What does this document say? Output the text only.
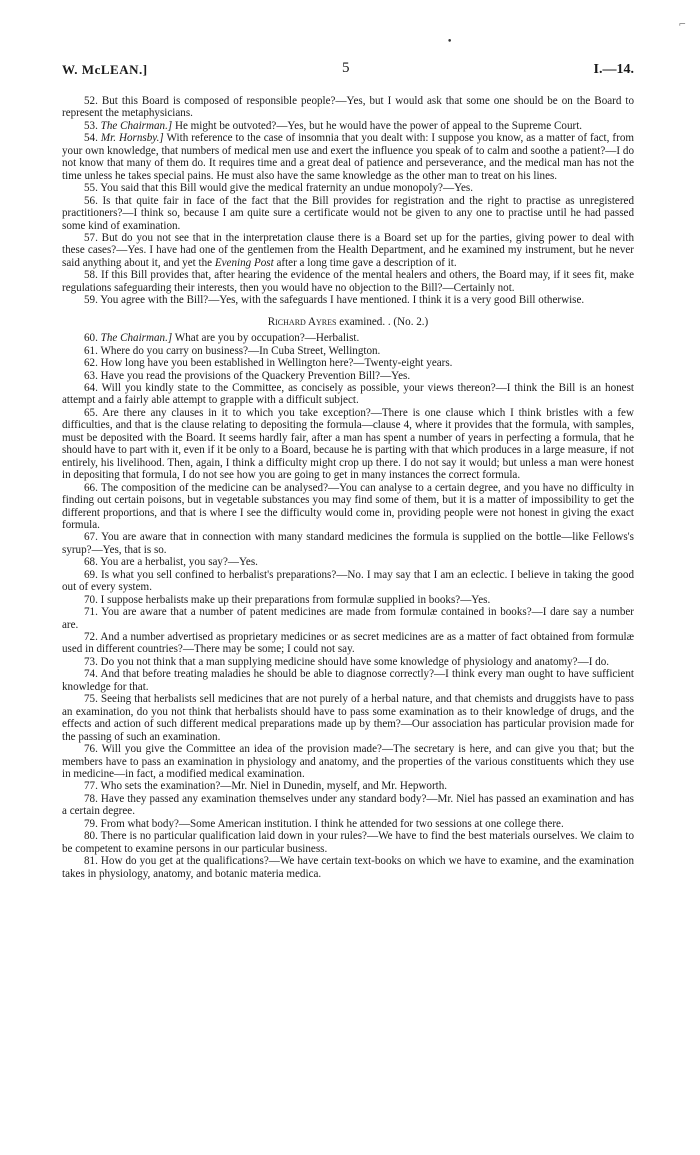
⌐
•
W. McLEAN.]	5	I.—14.

52. But this Board is composed of responsible people?—Yes, but I would ask that some one should be on the Board to represent the metaphysicians.

53. The Chairman.] He might be outvoted?—Yes, but he would have the power of appeal to the Supreme Court.

54. Mr. Hornsby.] With reference to the case of insomnia that you dealt with: I suppose you know, as a matter of fact, from your own knowledge, that numbers of medical men use and exert the influence you speak of to calm and soothe a patient?—I do not know that many of them do. It requires time and a great deal of patience and perseverance, and the medical man has not the time unless he takes special pains. He must also have the same knowledge as the other man to treat on his lines.

55. You said that this Bill would give the medical fraternity an undue monopoly?—Yes.

56. Is that quite fair in face of the fact that the Bill provides for registration and the right to practise as unregistered practitioners?—I think so, because I am quite sure a certificate would not be given to any one to practise until he had passed some kind of examination.

57. But do you not see that in the interpretation clause there is a Board set up for the parties, giving power to deal with these cases?—Yes. I have had one of the gentlemen from the Health Department, and he examined my instrument, but he never said anything about it, and yet the Evening Post after a long time gave a description of it.

58. If this Bill provides that, after hearing the evidence of the mental healers and others, the Board may, if it sees fit, make regulations safeguarding their interests, then you would have no objection to the Bill?—Certainly not.

59. You agree with the Bill?—Yes, with the safeguards I have mentioned. I think it is a very good Bill otherwise.

Richard Ayres examined. . (No. 2.)

60. The Chairman.] What are you by occupation?—Herbalist.

61. Where do you carry on business?—In Cuba Street, Wellington.

62. How long have you been established in Wellington here?—Twenty-eight years.

63. Have you read the provisions of the Quackery Prevention Bill?—Yes.

64. Will you kindly state to the Committee, as concisely as possible, your views thereon?—I think the Bill is an honest attempt and a fairly able attempt to grapple with a difficult subject.

65. Are there any clauses in it to which you take exception?—There is one clause which I think bristles with a few difficulties, and that is the clause relating to depositing the formula—clause 4, where it provides that the formula, with samples, must be deposited with the Board. It seems hardly fair, after a man has spent a number of years in perfecting a formula, that he should have to part with it, even if it be only to a Board, because he is parting with that which produces in a large measure, if not entirely, his livelihood. Then, again, I think a difficulty might crop up there. I do not say it would; but unless a man were honest in depositing that formula, I do not see how you are going to get in many instances the correct formula.

66. The composition of the medicine can be analysed?—You can analyse to a certain degree, and you have no difficulty in finding out certain poisons, but in vegetable substances you may find some of them, but it is a matter of impossibility to get the different proportions, and that is where I see the difficulty would come in, providing people were not honest in giving the exact formula.

67. You are aware that in connection with many standard medicines the formula is supplied on the bottle—like Fellows's syrup?—Yes, that is so.

68. You are a herbalist, you say?—Yes.

69. Is what you sell confined to herbalist's preparations?—No. I may say that I am an eclectic. I believe in taking the good out of every system.

70. I suppose herbalists make up their preparations from formulæ supplied in books?—Yes.

71. You are aware that a number of patent medicines are made from formulæ contained in books?—I dare say a number are.

72. And a number advertised as proprietary medicines or as secret medicines are as a matter of fact obtained from formulæ used in different countries?—There may be some; I could not say.

73. Do you not think that a man supplying medicine should have some knowledge of physiology and anatomy?—I do.

74. And that before treating maladies he should be able to diagnose correctly?—I think every man ought to have sufficient knowledge for that.

75. Seeing that herbalists sell medicines that are not purely of a herbal nature, and that chemists and druggists have to pass an examination, do you not think that herbalists should have to pass some examination as to their knowledge of drugs, and the effects and action of such different medical preparations made up by them?—Our association has particular provision made for the passing of such an examination.

76. Will you give the Committee an idea of the provision made?—The secretary is here, and can give you that; but the members have to pass an examination in physiology and anatomy, and the properties of the various constituents which they use in medicine—in fact, a modified medical examination.

77. Who sets the examination?—Mr. Niel in Dunedin, myself, and Mr. Hepworth.

78. Have they passed any examination themselves under any standard body?—Mr. Niel has passed an examination and has a certain degree.

79. From what body?—Some American institution. I think he attended for two sessions at one college there.

80. There is no particular qualification laid down in your rules?—We have to find the best materials ourselves. We claim to be competent to examine persons in our particular business.

81. How do you get at the qualifications?—We have certain text-books on which we have to examine, and the examination takes in physiology, anatomy, and botanic materia medica.
